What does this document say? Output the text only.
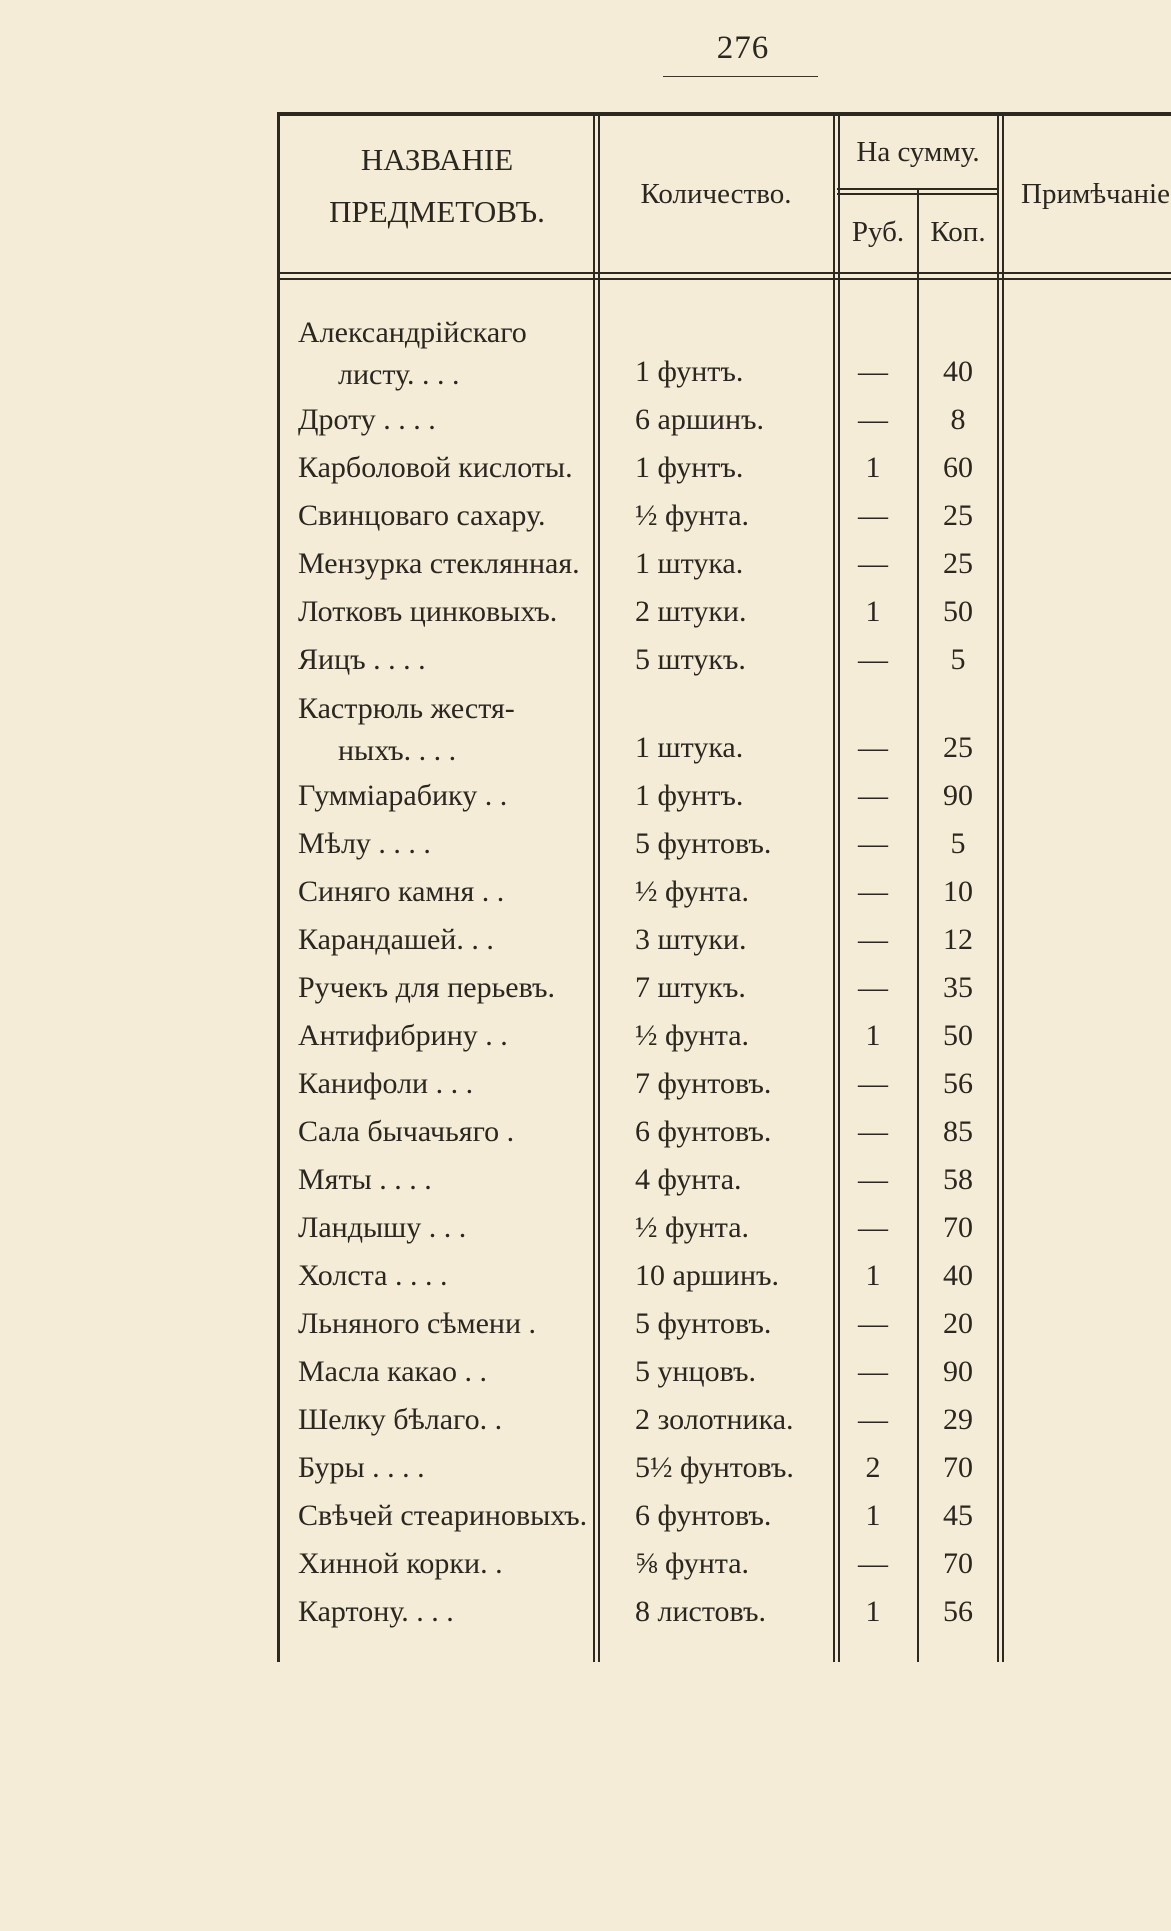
276
НАЗВАНІЕ ПРЕДМЕТОВЪ.	Количество.
На сумму.
Руб. Коп.
Примѣчаніе
Александрійскаго
листу. . . .	1 фунтъ.	—	40
Дроту . . . .	6 аршинъ.	—	8
Карболовой кислоты.	1 фунтъ.	1	60
Свинцоваго сахару.	½ фунта.	—	25
Мензурка стеклянная.	1 штука.	—	25
Лотковъ цинковыхъ.	2 штуки.	1	50
Яицъ . . . .	5 штукъ.	—	5
Кастрюль жестя-
ныхъ. . . .	1 штука.	—	25
Гумміарабику . .	1 фунтъ.	—	90
Мѣлу . . . .	5 фунтовъ.	—	5
Синяго камня . .	½ фунта.	—	10
Карандашей. . .	3 штуки.	—	12
Ручекъ для перьевъ.	7 штукъ.	—	35
Антифибрину . .	½ фунта.	1	50
Канифоли . . .	7 фунтовъ.	—	56
Сала бычачьяго .	6 фунтовъ.	—	85
Мяты . . . .	4 фунта.	—	58
Ландышу . . .	½ фунта.	—	70
Холста . . . .	10 аршинъ.	1	40
Льняного сѣмени .	5 фунтовъ.	—	20
Масла какао . .	5 унцовъ.	—	90
Шелку бѣлаго. .	2 золотника.	—	29
Буры . . . .	5½ фунтовъ.	2	70
Свѣчей стеариновыхъ.	6 фунтовъ.	1	45
Хинной корки. .	⅝ фунта.	—	70
Картону. . . .	8 листовъ.	1	56
